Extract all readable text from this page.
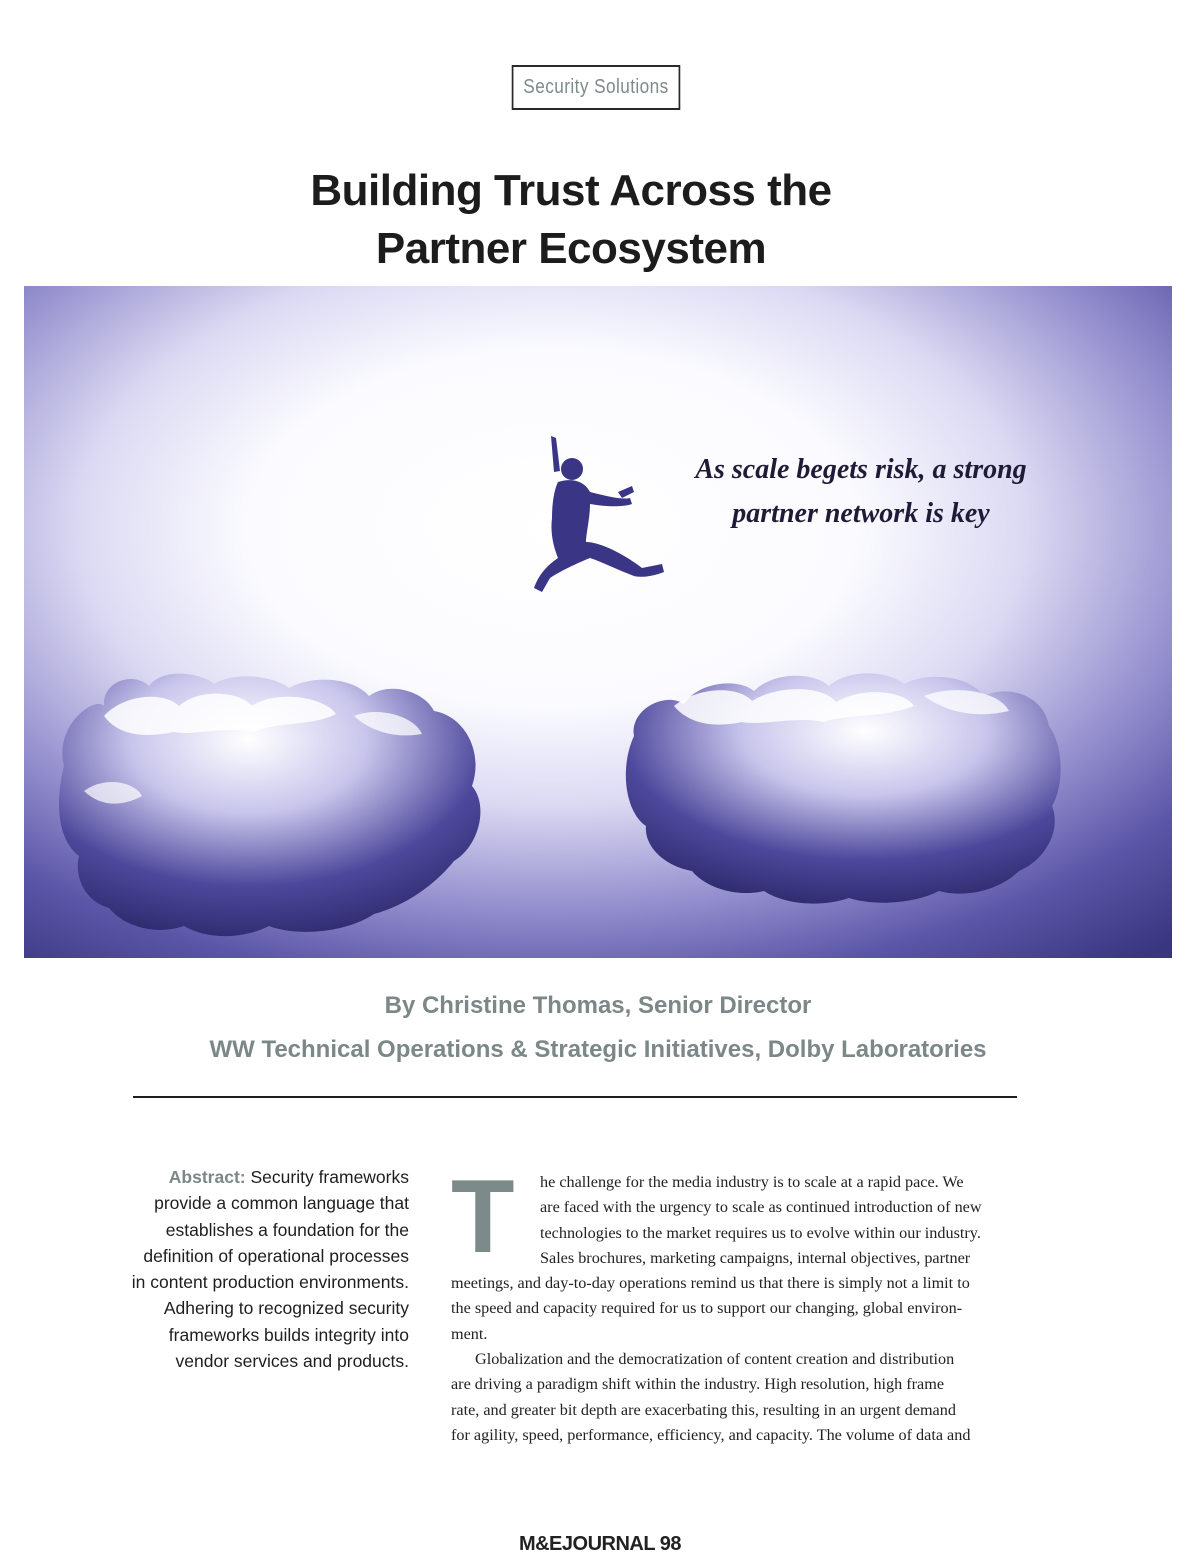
Security Solutions
Building Trust Across the
Partner Ecosystem
As scale begets risk, a strong
partner network is key
By Christine Thomas, Senior Director
WW Technical Operations & Strategic Initiatives, Dolby Laboratories
Abstract: Security frameworks
provide a common language that
establishes a foundation for the
definition of operational processes
in content production environments.
Adhering to recognized security
frameworks builds integrity into
vendor services and products.
T	he challenge for the media industry is to scale at a rapid pace. We
are faced with the urgency to scale as continued introduction of new
technologies to the market requires us to evolve within our industry.
Sales brochures, marketing campaigns, internal objectives, partner
meetings, and day-to-day operations remind us that there is simply not a limit to
the speed and capacity required for us to support our changing, global environ-
ment.
Globalization and the democratization of content creation and distribution
are driving a paradigm shift within the industry. High resolution, high frame
rate, and greater bit depth are exacerbating this, resulting in an urgent demand
for agility, speed, performance, efficiency, and capacity. The volume of data and
M&EJOURNAL 98
